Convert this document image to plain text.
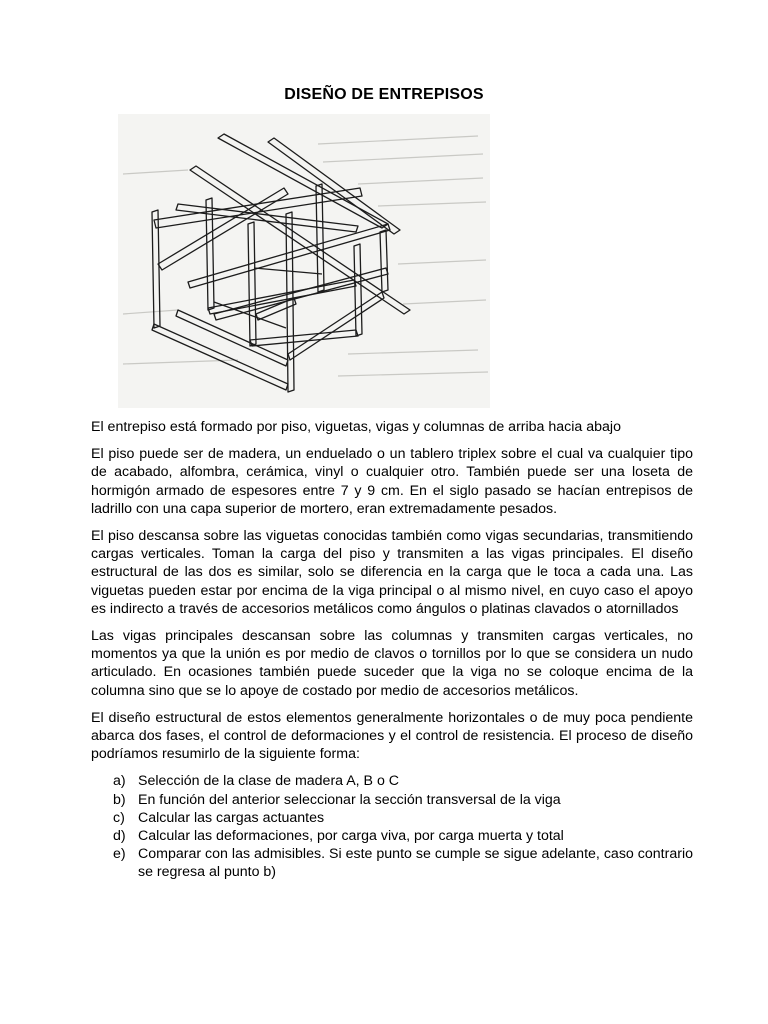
DISEÑO DE ENTREPISOS

El entrepiso está formado por piso, viguetas, vigas y columnas de arriba hacia abajo

El piso puede ser de madera, un enduelado o un tablero triplex sobre el cual va cualquier tipo de acabado, alfombra, cerámica, vinyl o cualquier otro. También puede ser una loseta de hormigón armado de espesores entre 7 y 9 cm. En el siglo pasado se hacían entrepisos de ladrillo con una capa superior de mortero, eran extremadamente pesados.

El piso descansa sobre las viguetas conocidas también como vigas secundarias, transmitiendo cargas verticales. Toman la carga del piso y transmiten a las vigas principales. El diseño estructural de las dos es similar, solo se diferencia en la carga que le toca a cada una. Las viguetas pueden estar por encima de la viga principal o al mismo nivel, en cuyo caso el apoyo es indirecto a través de accesorios metálicos como ángulos o platinas clavados o atornillados

Las vigas principales descansan sobre las columnas y transmiten cargas verticales, no momentos ya que la unión es por medio de clavos o tornillos por lo que se considera un nudo articulado. En ocasiones también puede suceder que la viga no se coloque encima de la columna sino que se lo apoye de costado por medio de accesorios metálicos.

El diseño estructural de estos elementos generalmente horizontales o de muy poca pendiente abarca dos fases, el control de deformaciones y el control de resistencia. El proceso de diseño podríamos resumirlo de la siguiente forma:

a) Selección de la clase de madera A, B o C
b) En función del anterior seleccionar la sección transversal de la viga
c) Calcular las cargas actuantes
d) Calcular las deformaciones, por carga viva, por carga muerta y total
e) Comparar con las admisibles. Si este punto se cumple se sigue adelante, caso contrario se regresa al punto b)
